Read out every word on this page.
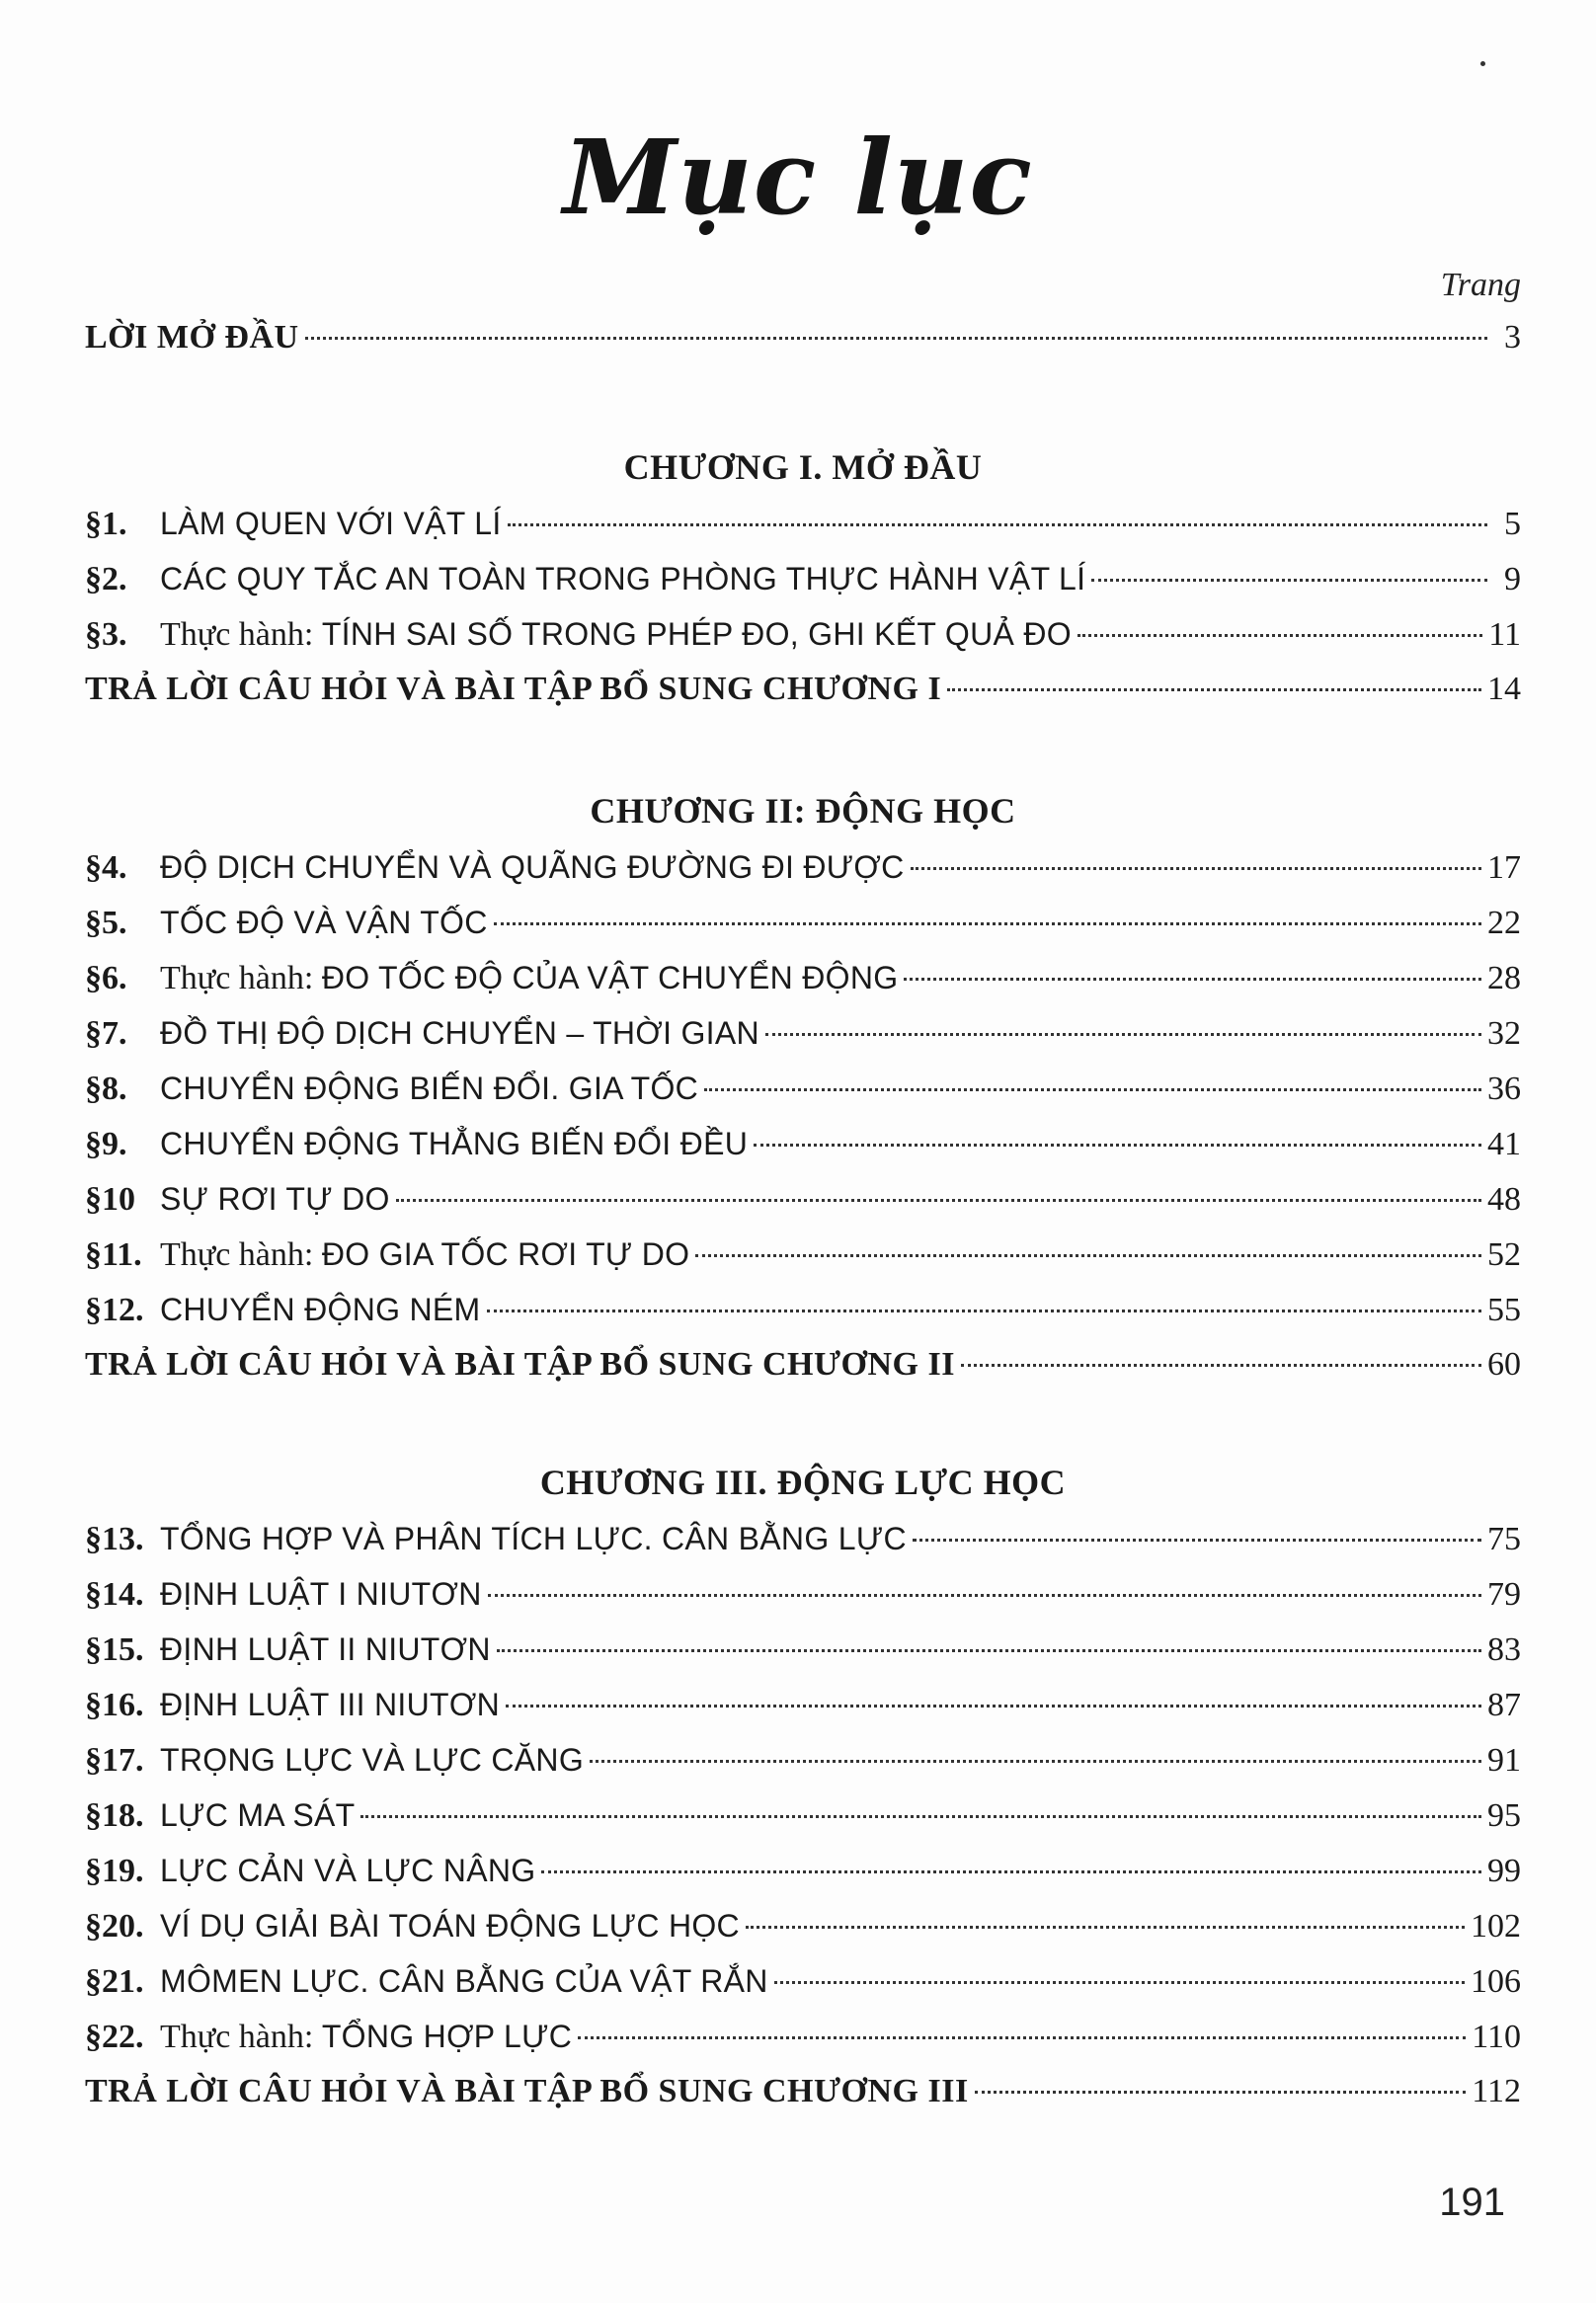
Mục lục
Trang
LỜI MỞ ĐẦU	3
CHƯƠNG I. MỞ ĐẦU
§1.	LÀM QUEN VỚI VẬT LÍ	5
§2.	CÁC QUY TẮC AN TOÀN TRONG PHÒNG THỰC HÀNH VẬT LÍ	9
§3. Thực hành: TÍNH SAI SỐ TRONG PHÉP ĐO, GHI KẾT QUẢ ĐO	11
TRẢ LỜI CÂU HỎI VÀ BÀI TẬP BỔ SUNG CHƯƠNG I	14
CHƯƠNG II: ĐỘNG HỌC
§4.	ĐỘ DỊCH CHUYỂN VÀ QUÃNG ĐƯỜNG ĐI ĐƯỢC	17
§5.	TỐC ĐỘ VÀ VẬN TỐC	22
§6. Thực hành: ĐO TỐC ĐỘ CỦA VẬT CHUYỂN ĐỘNG	28
§7.	ĐỒ THỊ ĐỘ DỊCH CHUYỂN – THỜI GIAN	32
§8.	CHUYỂN ĐỘNG BIẾN ĐỔI. GIA TỐC	36
§9.	CHUYỂN ĐỘNG THẲNG BIẾN ĐỔI ĐỀU	41
§10 SỰ RƠI TỰ DO	48
§11. Thực hành: ĐO GIA TỐC RƠI TỰ DO	52
§12. CHUYỂN ĐỘNG NÉM	55
TRẢ LỜI CÂU HỎI VÀ BÀI TẬP BỔ SUNG CHƯƠNG II	60
CHƯƠNG III. ĐỘNG LỰC HỌC
§13. TỔNG HỢP VÀ PHÂN TÍCH LỰC. CÂN BẰNG LỰC	75
§14. ĐỊNH LUẬT I NIUTƠN	79
§15. ĐỊNH LUẬT II NIUTƠN	83
§16. ĐỊNH LUẬT III NIUTƠN	87
§17. TRỌNG LỰC VÀ LỰC CĂNG	91
§18. LỰC MA SÁT	95
§19. LỰC CẢN VÀ LỰC NÂNG	99
§20. VÍ DỤ GIẢI BÀI TOÁN ĐỘNG LỰC HỌC	102
§21. MÔMEN LỰC. CÂN BẰNG CỦA VẬT RẮN	106
§22. Thực hành: TỔNG HỢP LỰC	110
TRẢ LỜI CÂU HỎI VÀ BÀI TẬP BỔ SUNG CHƯƠNG III	112
191
